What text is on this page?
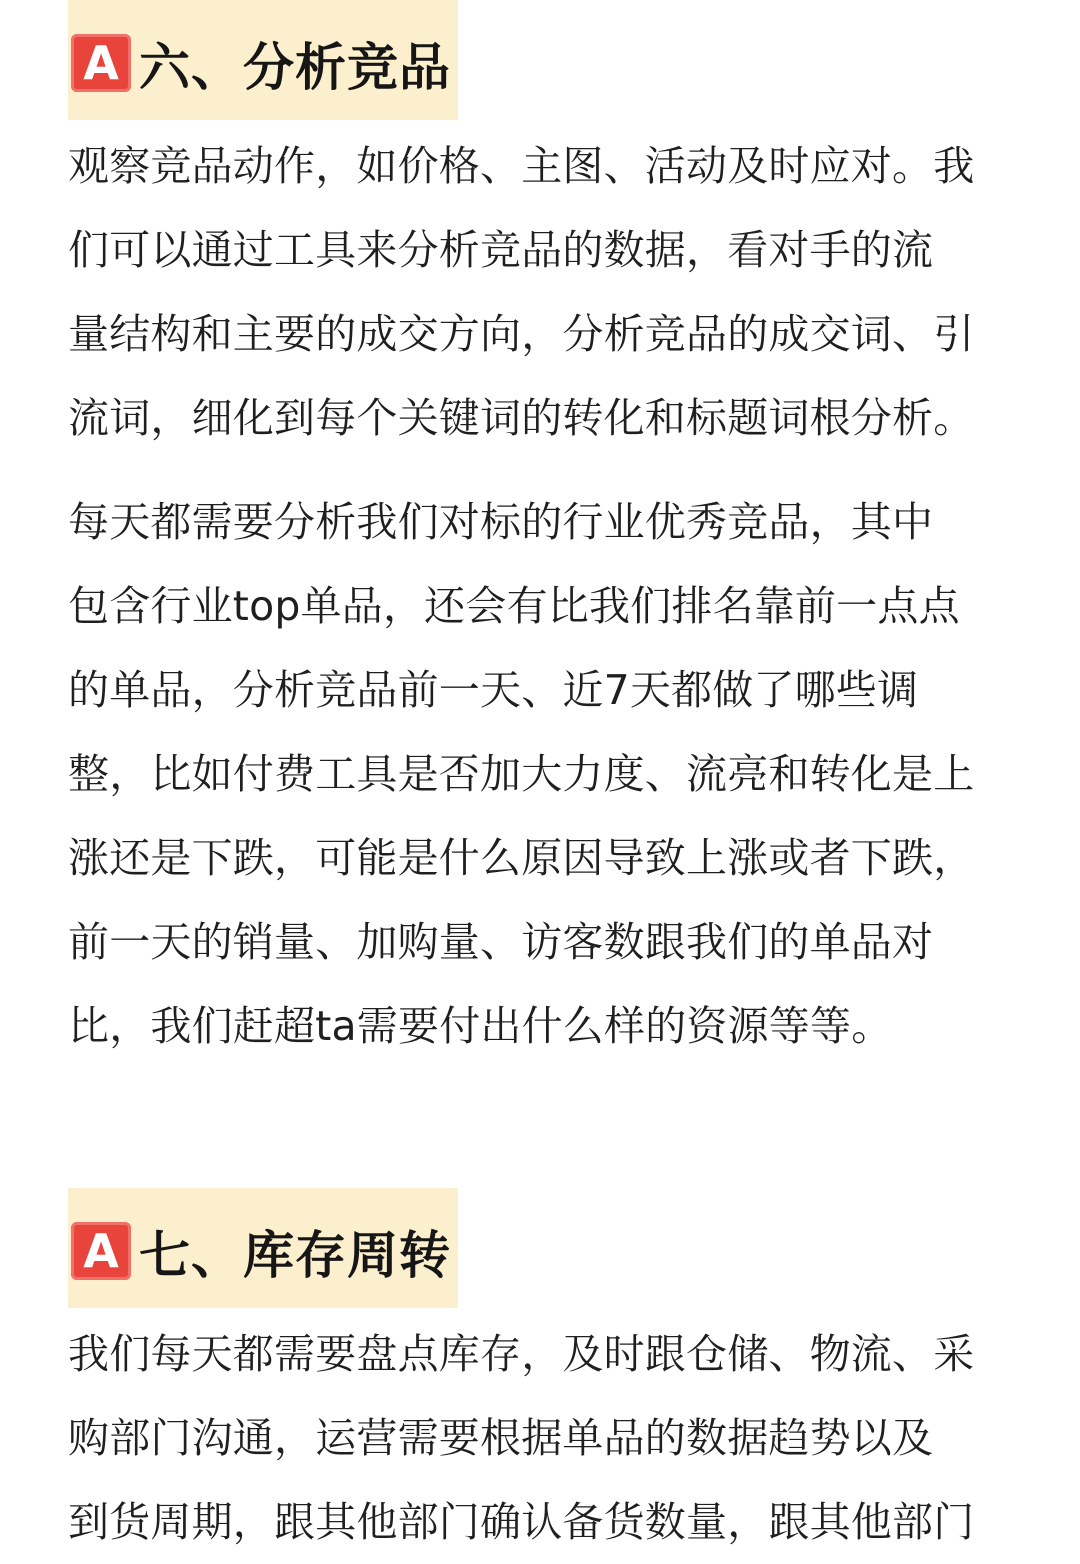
A 六、分析竞品
观察竞品动作，如价格、主图、活动及时应对。我
们可以通过工具来分析竞品的数据，看对手的流
量结构和主要的成交方向，分析竞品的成交词、引
流词，细化到每个关键词的转化和标题词根分析。
每天都需要分析我们对标的行业优秀竞品，其中
包含行业top单品，还会有比我们排名靠前一点点
的单品，分析竞品前一天、近7天都做了哪些调
整，比如付费工具是否加大力度、流亮和转化是上
涨还是下跌，可能是什么原因导致上涨或者下跌，
前一天的销量、加购量、访客数跟我们的单品对
比，我们赶超ta需要付出什么样的资源等等。
A 七、库存周转
我们每天都需要盘点库存，及时跟仓储、物流、采
购部门沟通，运营需要根据单品的数据趋势以及
到货周期，跟其他部门确认备货数量，跟其他部门
